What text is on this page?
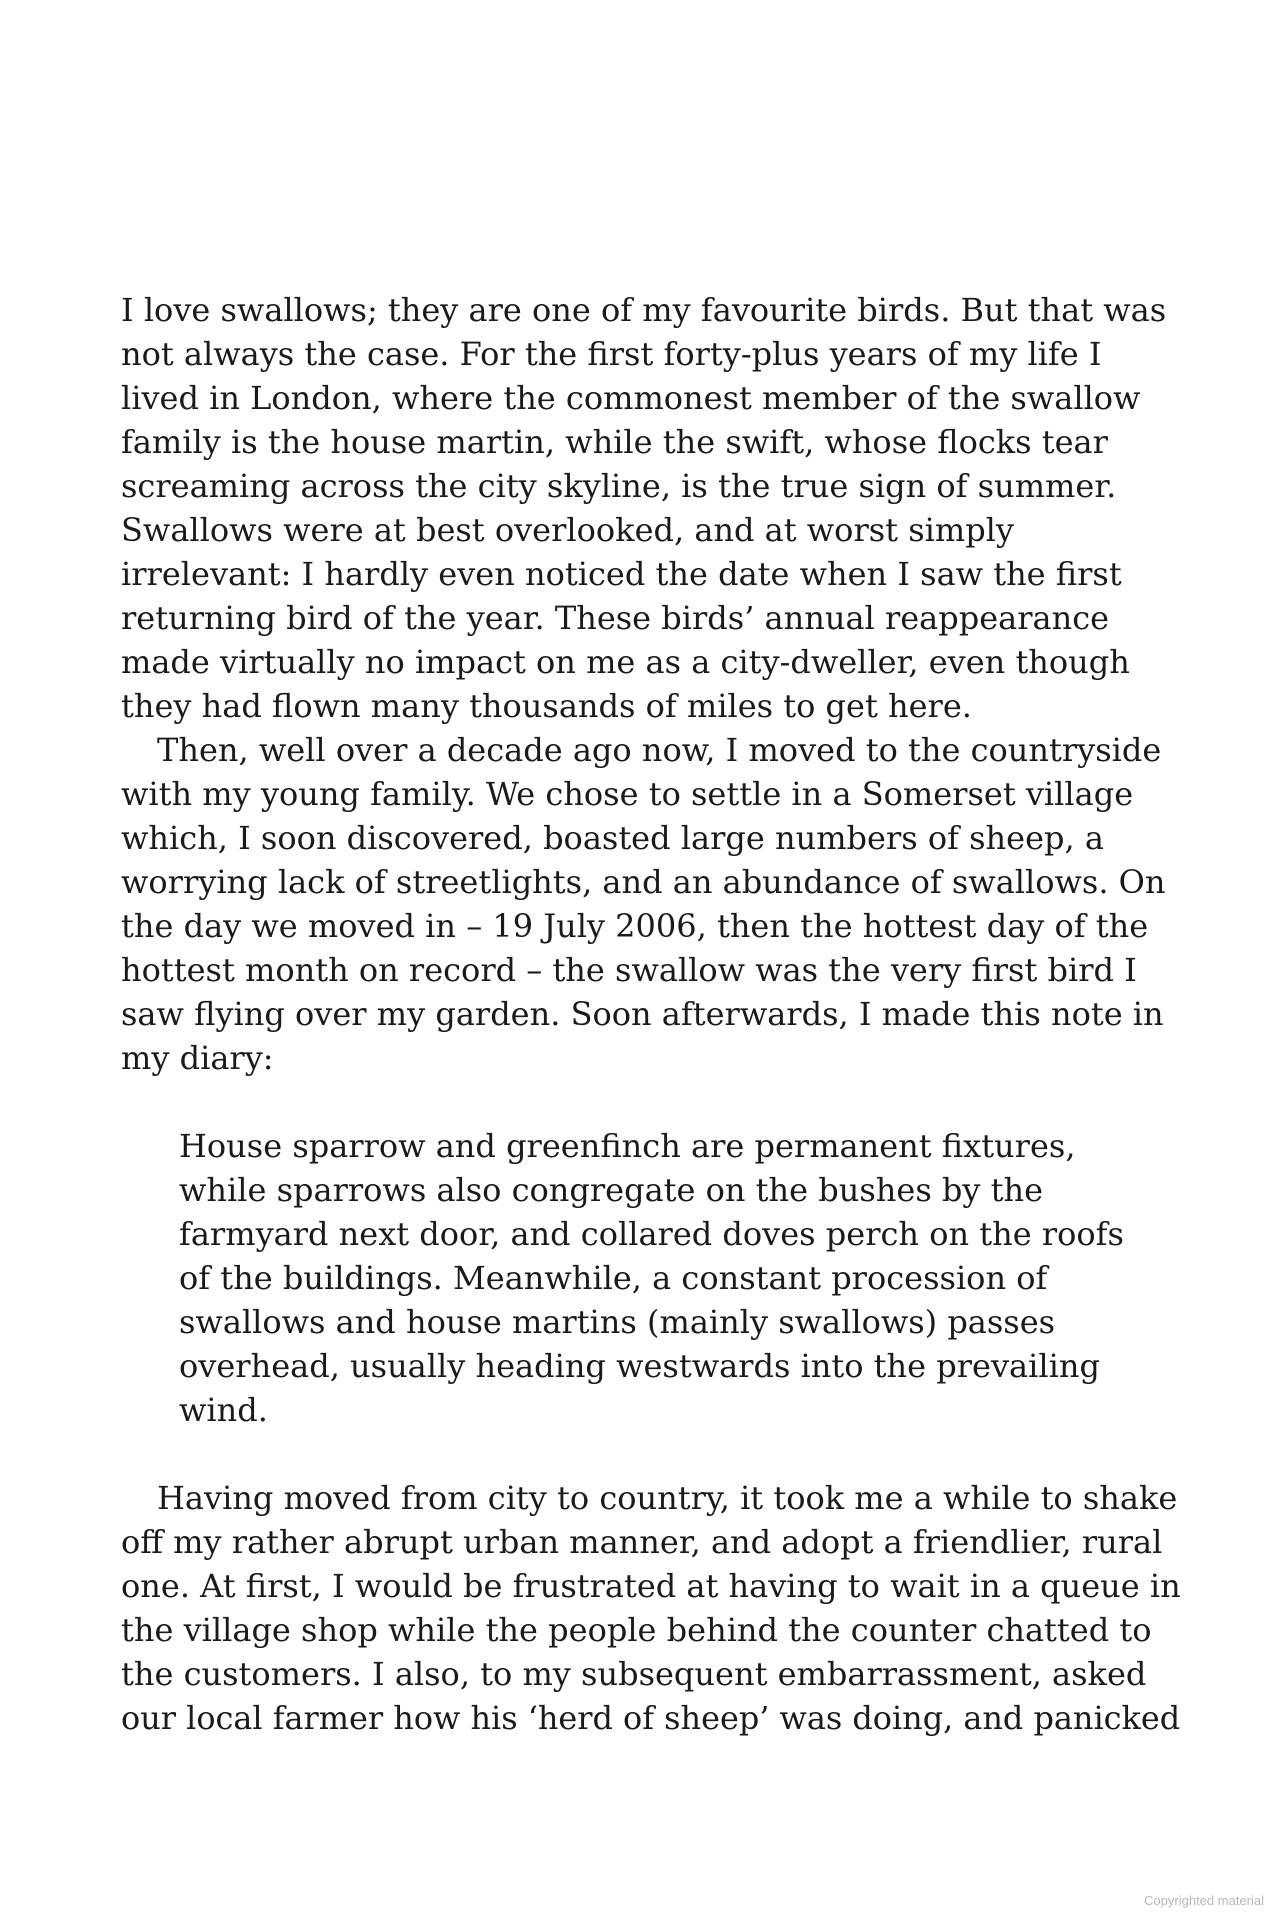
I love swallows; they are one of my favourite birds. But that was
not always the case. For the first forty-plus years of my life I
lived in London, where the commonest member of the swallow
family is the house martin, while the swift, whose flocks tear
screaming across the city skyline, is the true sign of summer.
Swallows were at best overlooked, and at worst simply
irrelevant: I hardly even noticed the date when I saw the first
returning bird of the year. These birds’ annual reappearance
made virtually no impact on me as a city-dweller, even though
they had flown many thousands of miles to get here.

Then, well over a decade ago now, I moved to the countryside
with my young family. We chose to settle in a Somerset village
which, I soon discovered, boasted large numbers of sheep, a
worrying lack of streetlights, and an abundance of swallows. On
the day we moved in – 19 July 2006, then the hottest day of the
hottest month on record – the swallow was the very first bird I
saw flying over my garden. Soon afterwards, I made this note in
my diary:

House sparrow and greenfinch are permanent fixtures,
while sparrows also congregate on the bushes by the
farmyard next door, and collared doves perch on the roofs
of the buildings. Meanwhile, a constant procession of
swallows and house martins (mainly swallows) passes
overhead, usually heading westwards into the prevailing
wind.

Having moved from city to country, it took me a while to shake
off my rather abrupt urban manner, and adopt a friendlier, rural
one. At first, I would be frustrated at having to wait in a queue in
the village shop while the people behind the counter chatted to
the customers. I also, to my subsequent embarrassment, asked
our local farmer how his ‘herd of sheep’ was doing, and panicked

Copyrighted material
